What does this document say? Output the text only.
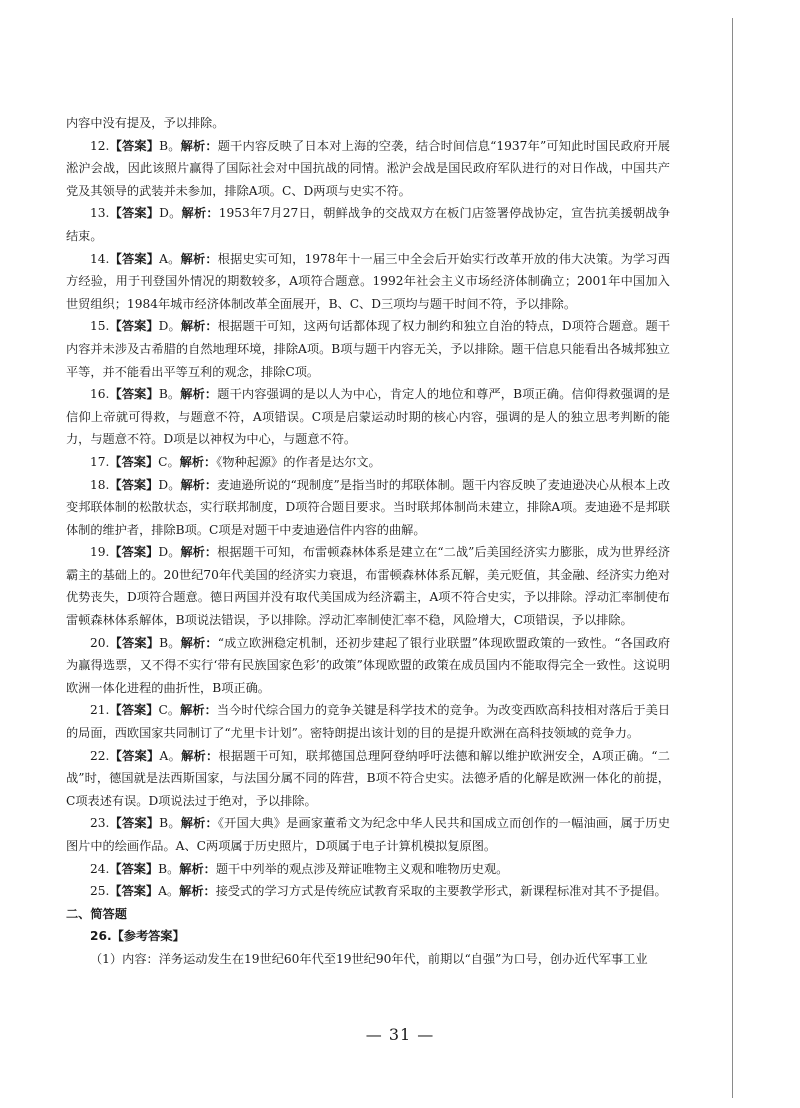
内容中没有提及，予以排除。

12.【答案】B。解析：题干内容反映了日本对上海的空袭，结合时间信息“1937年”可知此时国民政府开展淞沪会战，因此该照片赢得了国际社会对中国抗战的同情。淞沪会战是国民政府军队进行的对日作战，中国共产党及其领导的武装并未参加，排除A项。C、D两项与史实不符。

13.【答案】D。解析：1953年7月27日，朝鲜战争的交战双方在板门店签署停战协定，宣告抗美援朝战争结束。

14.【答案】A。解析：根据史实可知，1978年十一届三中全会后开始实行改革开放的伟大决策。为学习西方经验，用于刊登国外情况的期数较多，A项符合题意。1992年社会主义市场经济体制确立；2001年中国加入世贸组织；1984年城市经济体制改革全面展开，B、C、D三项均与题干时间不符，予以排除。

15.【答案】D。解析：根据题干可知，这两句话都体现了权力制约和独立自治的特点，D项符合题意。题干内容并未涉及古希腊的自然地理环境，排除A项。B项与题干内容无关，予以排除。题干信息只能看出各城邦独立平等，并不能看出平等互利的观念，排除C项。

16.【答案】B。解析：题干内容强调的是以人为中心，肯定人的地位和尊严，B项正确。信仰得救强调的是信仰上帝就可得救，与题意不符，A项错误。C项是启蒙运动时期的核心内容，强调的是人的独立思考判断的能力，与题意不符。D项是以神权为中心，与题意不符。

17.【答案】C。解析：《物种起源》的作者是达尔文。

18.【答案】D。解析：麦迪逊所说的“现制度”是指当时的邦联体制。题干内容反映了麦迪逊决心从根本上改变邦联体制的松散状态，实行联邦制度，D项符合题目要求。当时联邦体制尚未建立，排除A项。麦迪逊不是邦联体制的维护者，排除B项。C项是对题干中麦迪逊信件内容的曲解。

19.【答案】D。解析：根据题干可知，布雷顿森林体系是建立在“二战”后美国经济实力膨胀，成为世界经济霸主的基础上的。20世纪70年代美国的经济实力衰退，布雷顿森林体系瓦解，美元贬值，其金融、经济实力绝对优势丧失，D项符合题意。德日两国并没有取代美国成为经济霸主，A项不符合史实，予以排除。浮动汇率制使布雷顿森林体系解体，B项说法错误，予以排除。浮动汇率制使汇率不稳，风险增大，C项错误，予以排除。

20.【答案】B。解析：“成立欧洲稳定机制，还初步建起了银行业联盟”体现欧盟政策的一致性。“各国政府为赢得选票，又不得不实行‘带有民族国家色彩’的政策”体现欧盟的政策在成员国内不能取得完全一致性。这说明欧洲一体化进程的曲折性，B项正确。

21.【答案】C。解析：当今时代综合国力的竞争关键是科学技术的竞争。为改变西欧高科技相对落后于美日的局面，西欧国家共同制订了“尤里卡计划”。密特朗提出该计划的目的是提升欧洲在高科技领域的竞争力。

22.【答案】A。解析：根据题干可知，联邦德国总理阿登纳呼吁法德和解以维护欧洲安全，A项正确。“二战”时，德国就是法西斯国家，与法国分属不同的阵营，B项不符合史实。法德矛盾的化解是欧洲一体化的前提，C项表述有误。D项说法过于绝对，予以排除。

23.【答案】B。解析：《开国大典》是画家董希文为纪念中华人民共和国成立而创作的一幅油画，属于历史图片中的绘画作品。A、C两项属于历史照片，D项属于电子计算机模拟复原图。

24.【答案】B。解析：题干中列举的观点涉及辩证唯物主义观和唯物历史观。

25.【答案】A。解析：接受式的学习方式是传统应试教育采取的主要教学形式，新课程标准对其不予提倡。

二、简答题

26.【参考答案】

（1）内容：洋务运动发生在19世纪60年代至19世纪90年代，前期以“自强”为口号，创办近代军事工业

— 31 —
